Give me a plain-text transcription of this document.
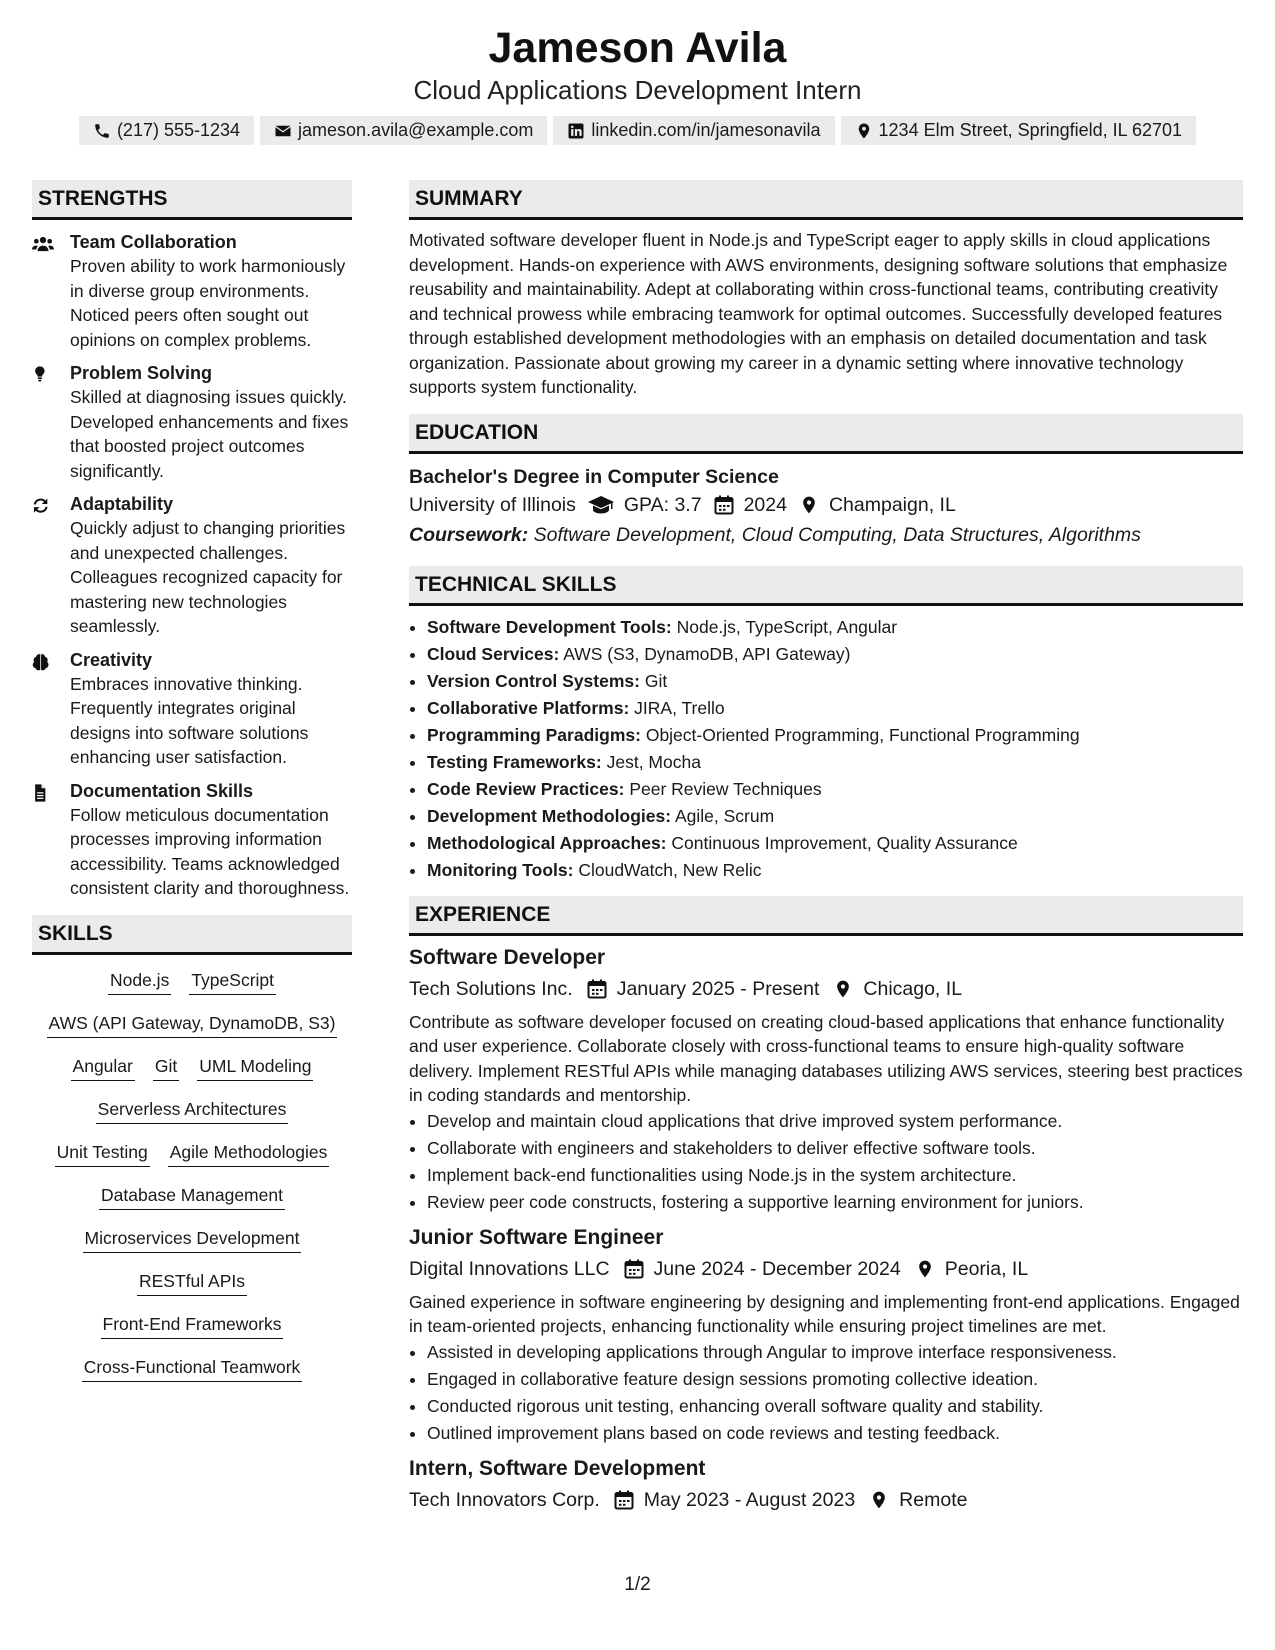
Jameson Avila
Cloud Applications Development Intern
(217) 555-1234	jameson.avila@example.com	linkedin.com/in/jamesonavila	1234 Elm Street, Springfield, IL 62701
STRENGTHS
Team Collaboration
Proven ability to work harmoniously in diverse group environments. Noticed peers often sought out opinions on complex problems.
Problem Solving
Skilled at diagnosing issues quickly. Developed enhancements and fixes that boosted project outcomes significantly.
Adaptability
Quickly adjust to changing priorities and unexpected challenges. Colleagues recognized capacity for mastering new technologies seamlessly.
Creativity
Embraces innovative thinking. Frequently integrates original designs into software solutions enhancing user satisfaction.
Documentation Skills
Follow meticulous documentation processes improving information accessibility. Teams acknowledged consistent clarity and thoroughness.
SKILLS
Node.js TypeScript
AWS (API Gateway, DynamoDB, S3)
Angular Git UML Modeling
Serverless Architectures
Unit Testing Agile Methodologies
Database Management
Microservices Development
RESTful APIs
Front-End Frameworks
Cross-Functional Teamwork
SUMMARY
Motivated software developer fluent in Node.js and TypeScript eager to apply skills in cloud applications development. Hands-on experience with AWS environments, designing software solutions that emphasize reusability and maintainability. Adept at collaborating within cross-functional teams, contributing creativity and technical prowess while embracing teamwork for optimal outcomes. Successfully developed features through established development methodologies with an emphasis on detailed documentation and task organization. Passionate about growing my career in a dynamic setting where innovative technology supports system functionality.
EDUCATION
Bachelor's Degree in Computer Science
University of Illinois GPA: 3.7 2024 Champaign, IL
Coursework: Software Development, Cloud Computing, Data Structures, Algorithms
TECHNICAL SKILLS
• Software Development Tools: Node.js, TypeScript, Angular
• Cloud Services: AWS (S3, DynamoDB, API Gateway)
• Version Control Systems: Git
• Collaborative Platforms: JIRA, Trello
• Programming Paradigms: Object-Oriented Programming, Functional Programming
• Testing Frameworks: Jest, Mocha
• Code Review Practices: Peer Review Techniques
• Development Methodologies: Agile, Scrum
• Methodological Approaches: Continuous Improvement, Quality Assurance
• Monitoring Tools: CloudWatch, New Relic
EXPERIENCE
Software Developer
Tech Solutions Inc. January 2025 - Present Chicago, IL
Contribute as software developer focused on creating cloud-based applications that enhance functionality and user experience. Collaborate closely with cross-functional teams to ensure high-quality software delivery. Implement RESTful APIs while managing databases utilizing AWS services, steering best practices in coding standards and mentorship.
• Develop and maintain cloud applications that drive improved system performance.
• Collaborate with engineers and stakeholders to deliver effective software tools.
• Implement back-end functionalities using Node.js in the system architecture.
• Review peer code constructs, fostering a supportive learning environment for juniors.
Junior Software Engineer
Digital Innovations LLC June 2024 - December 2024 Peoria, IL
Gained experience in software engineering by designing and implementing front-end applications. Engaged in team-oriented projects, enhancing functionality while ensuring project timelines are met.
• Assisted in developing applications through Angular to improve interface responsiveness.
• Engaged in collaborative feature design sessions promoting collective ideation.
• Conducted rigorous unit testing, enhancing overall software quality and stability.
• Outlined improvement plans based on code reviews and testing feedback.
Intern, Software Development
Tech Innovators Corp. May 2023 - August 2023 Remote
1/2
